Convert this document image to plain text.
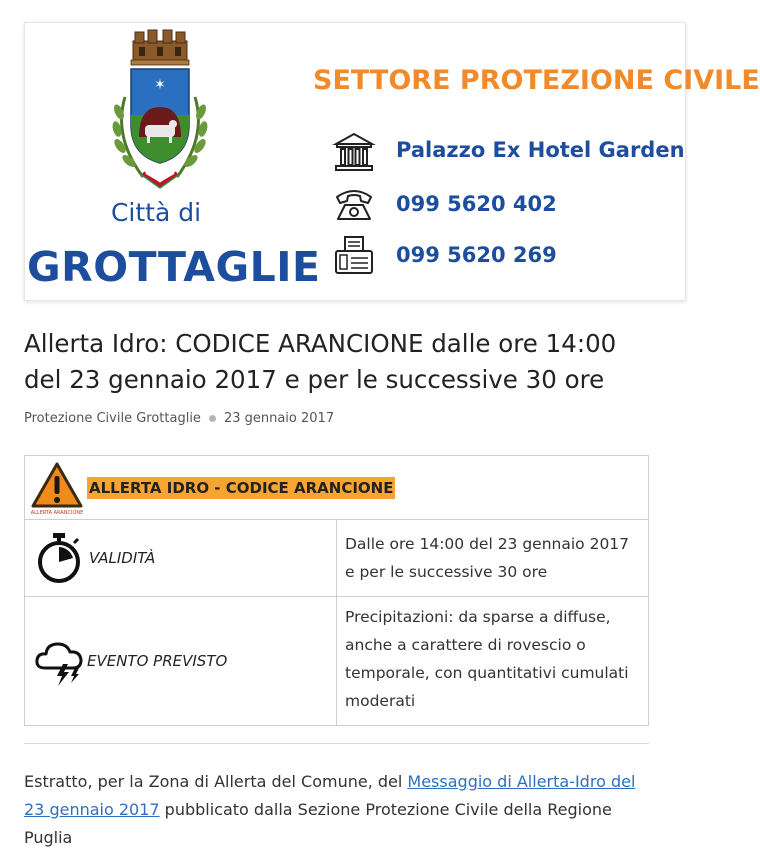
✶
Città di
GROTTAGLIE
SETTORE PROTEZIONE CIVILE
Palazzo Ex Hotel Garden
099 5620 402
099 5620 269
Allerta Idro: CODICE ARANCIONE dalle ore 14:00 del 23 gennaio 2017 e per le successive 30 ore
Protezione Civile Grottaglie 23 gennaio 2017
ALLERTA ARANCIONE
ALLERTA IDRO - CODICE ARANCIONE	

VALIDITÀ	Dalle ore 14:00 del 23 gennaio 2017 e per le successive 30 ore

EVENTO PREVISTO	Precipitazioni: da sparse a diffuse, anche a carattere di rovescio o temporale, con quantitativi cumulati moderati

Estratto, per la Zona di Allerta del Comune, del Messaggio di Allerta-Idro del 23 gennaio 2017 pubblicato dalla Sezione Protezione Civile della Regione Puglia
